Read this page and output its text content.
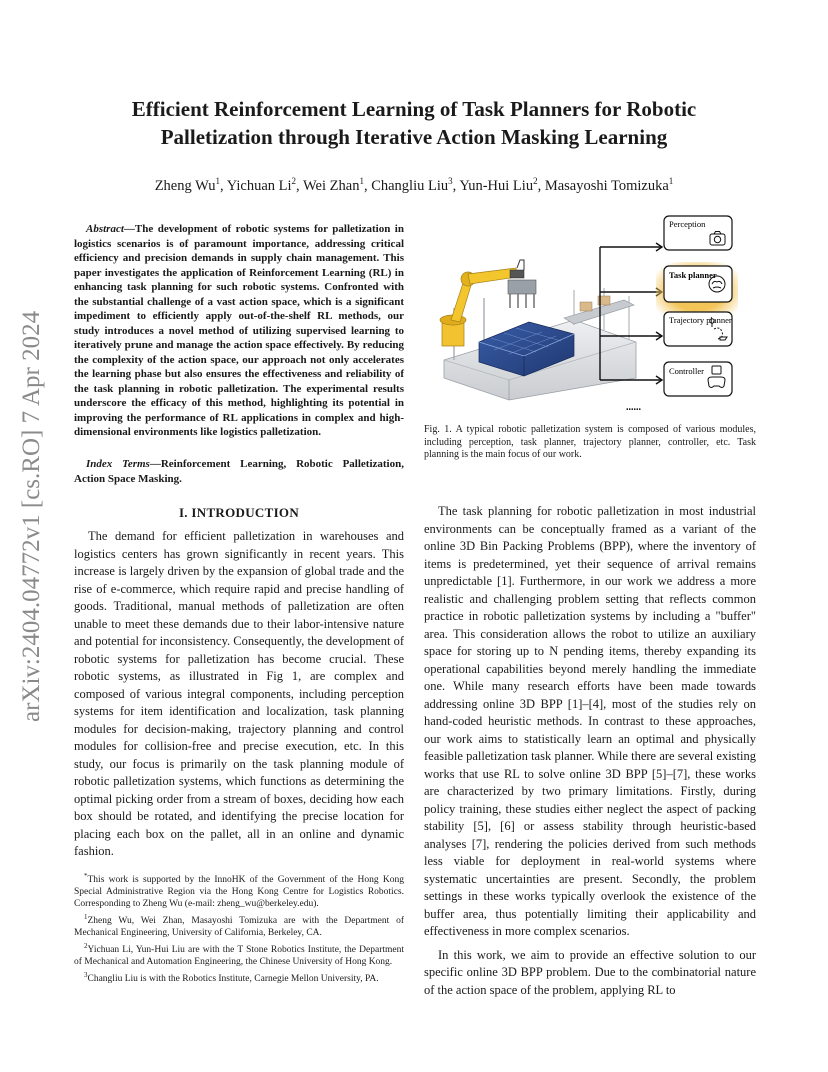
arXiv:2404.04772v1 [cs.RO] 7 Apr 2024
Efficient Reinforcement Learning of Task Planners for Robotic
Palletization through Iterative Action Masking Learning
Zheng Wu$^1$, Yichuan Li$^2$, Wei Zhan$^1$, Changliu Liu$^3$, Yun-Hui Liu$^2$, Masayoshi Tomizuka$^1$

Abstract—The development of robotic systems for palletization in logistics scenarios is of paramount importance, addressing critical efficiency and precision demands in supply chain management. This paper investigates the application of Reinforcement Learning (RL) in enhancing task planning for such robotic systems. Confronted with the substantial challenge of a vast action space, which is a significant impediment to efficiently apply out-of-the-shelf RL methods, our study introduces a novel method of utilizing supervised learning to iteratively prune and manage the action space effectively. By reducing the complexity of the action space, our approach not only accelerates the learning phase but also ensures the effectiveness and reliability of the task planning in robotic palletization. The experimental results underscore the efficacy of this method, highlighting its potential in improving the performance of RL applications in complex and high-dimensional environments like logistics palletization.

Index Terms—Reinforcement Learning, Robotic Palletization, Action Space Masking.

I. INTRODUCTION

The demand for efficient palletization in warehouses and logistics centers has grown significantly in recent years. This increase is largely driven by the expansion of global trade and the rise of e-commerce, which require rapid and precise handling of goods. Traditional, manual methods of palletization are often unable to meet these demands due to their labor-intensive nature and potential for inconsistency. Consequently, the development of robotic systems for palletization has become crucial. These robotic systems, as illustrated in Fig 1, are complex and composed of various integral components, including perception systems for item identification and localization, task planning modules for decision-making, trajectory planning and control modules for collision-free and precise execution, etc. In this study, our focus is primarily on the task planning module of robotic palletization systems, which functions as determining the optimal picking order from a stream of boxes, deciding how each box should be rotated, and identifying the precise location for placing each box on the pallet, all in an online and dynamic fashion.

*This work is supported by the InnoHK of the Government of the Hong Kong Special Administrative Region via the Hong Kong Centre for Logistics Robotics. Corresponding to Zheng Wu (e-mail: zheng_wu@berkeley.edu).

$^1$Zheng Wu, Wei Zhan, Masayoshi Tomizuka are with the Department of Mechanical Engineering, University of California, Berkeley, CA.

$^2$Yichuan Li, Yun-Hui Liu are with the T Stone Robotics Institute, the Department of Mechanical and Automation Engineering, the Chinese University of Hong Kong.

$^3$Changliu Liu is with the Robotics Institute, Carnegie Mellon University, PA.

Perception
Task planner
Trajectory planner
Controller
......

Fig. 1. A typical robotic palletization system is composed of various modules, including perception, task planner, trajectory planner, controller, etc. Task planning is the main focus of our work.

The task planning for robotic palletization in most industrial environments can be conceptually framed as a variant of the online 3D Bin Packing Problems (BPP), where the inventory of items is predetermined, yet their sequence of arrival remains unpredictable [1]. Furthermore, in our work we address a more realistic and challenging problem setting that reflects common practice in robotic palletization systems by including a "buffer" area. This consideration allows the robot to utilize an auxiliary space for storing up to N pending items, thereby expanding its operational capabilities beyond merely handling the immediate one. While many research efforts have been made towards addressing online 3D BPP [1]–[4], most of the studies rely on hand-coded heuristic methods. In contrast to these approaches, our work aims to statistically learn an optimal and physically feasible palletization task planner. While there are several existing works that use RL to solve online 3D BPP [5]–[7], these works are characterized by two primary limitations. Firstly, during policy training, these studies either neglect the aspect of packing stability [5], [6] or assess stability through heuristic-based analyses [7], rendering the policies derived from such methods less viable for deployment in real-world systems where systematic uncertainties are present. Secondly, the problem settings in these works typically overlook the existence of the buffer area, thus potentially limiting their applicability and effectiveness in more complex scenarios.

In this work, we aim to provide an effective solution to our specific online 3D BPP problem. Due to the combinatorial nature of the action space of the problem, applying RL to
